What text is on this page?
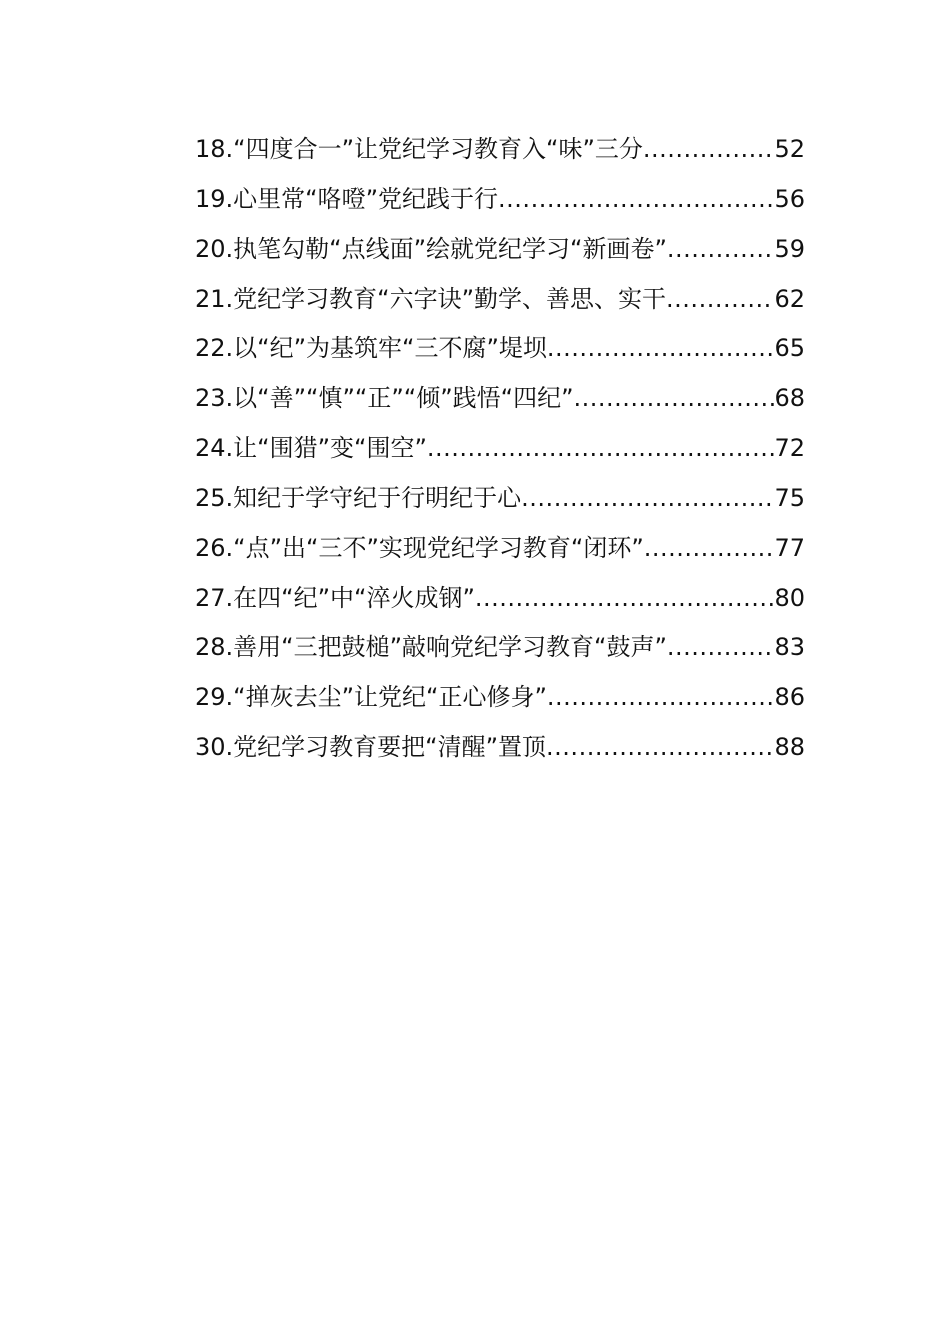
18.“四度合一”让党纪学习教育入“味”三分 .....	52
19.心里常“咯噔”党纪践于行 .....	56
20.执笔勾勒“点线面”绘就党纪学习“新画卷” .....	59
21.党纪学习教育“六字诀”勤学、善思、实干 .....	62
22.以“纪”为基筑牢“三不腐”堤坝 .....	65
23.以“善”“慎”“正”“倾”践悟“四纪” .....	68
24.让“围猎”变“围空” .....	72
25.知纪于学守纪于行明纪于心 .....	75
26.“点”出“三不”实现党纪学习教育“闭环” .....	77
27.在四“纪”中“淬火成钢” .....	80
28.善用“三把鼓槌”敲响党纪学习教育“鼓声” .....	83
29.“掸灰去尘”让党纪“正心修身” .....	86
30.党纪学习教育要把“清醒”置顶 .....	88
